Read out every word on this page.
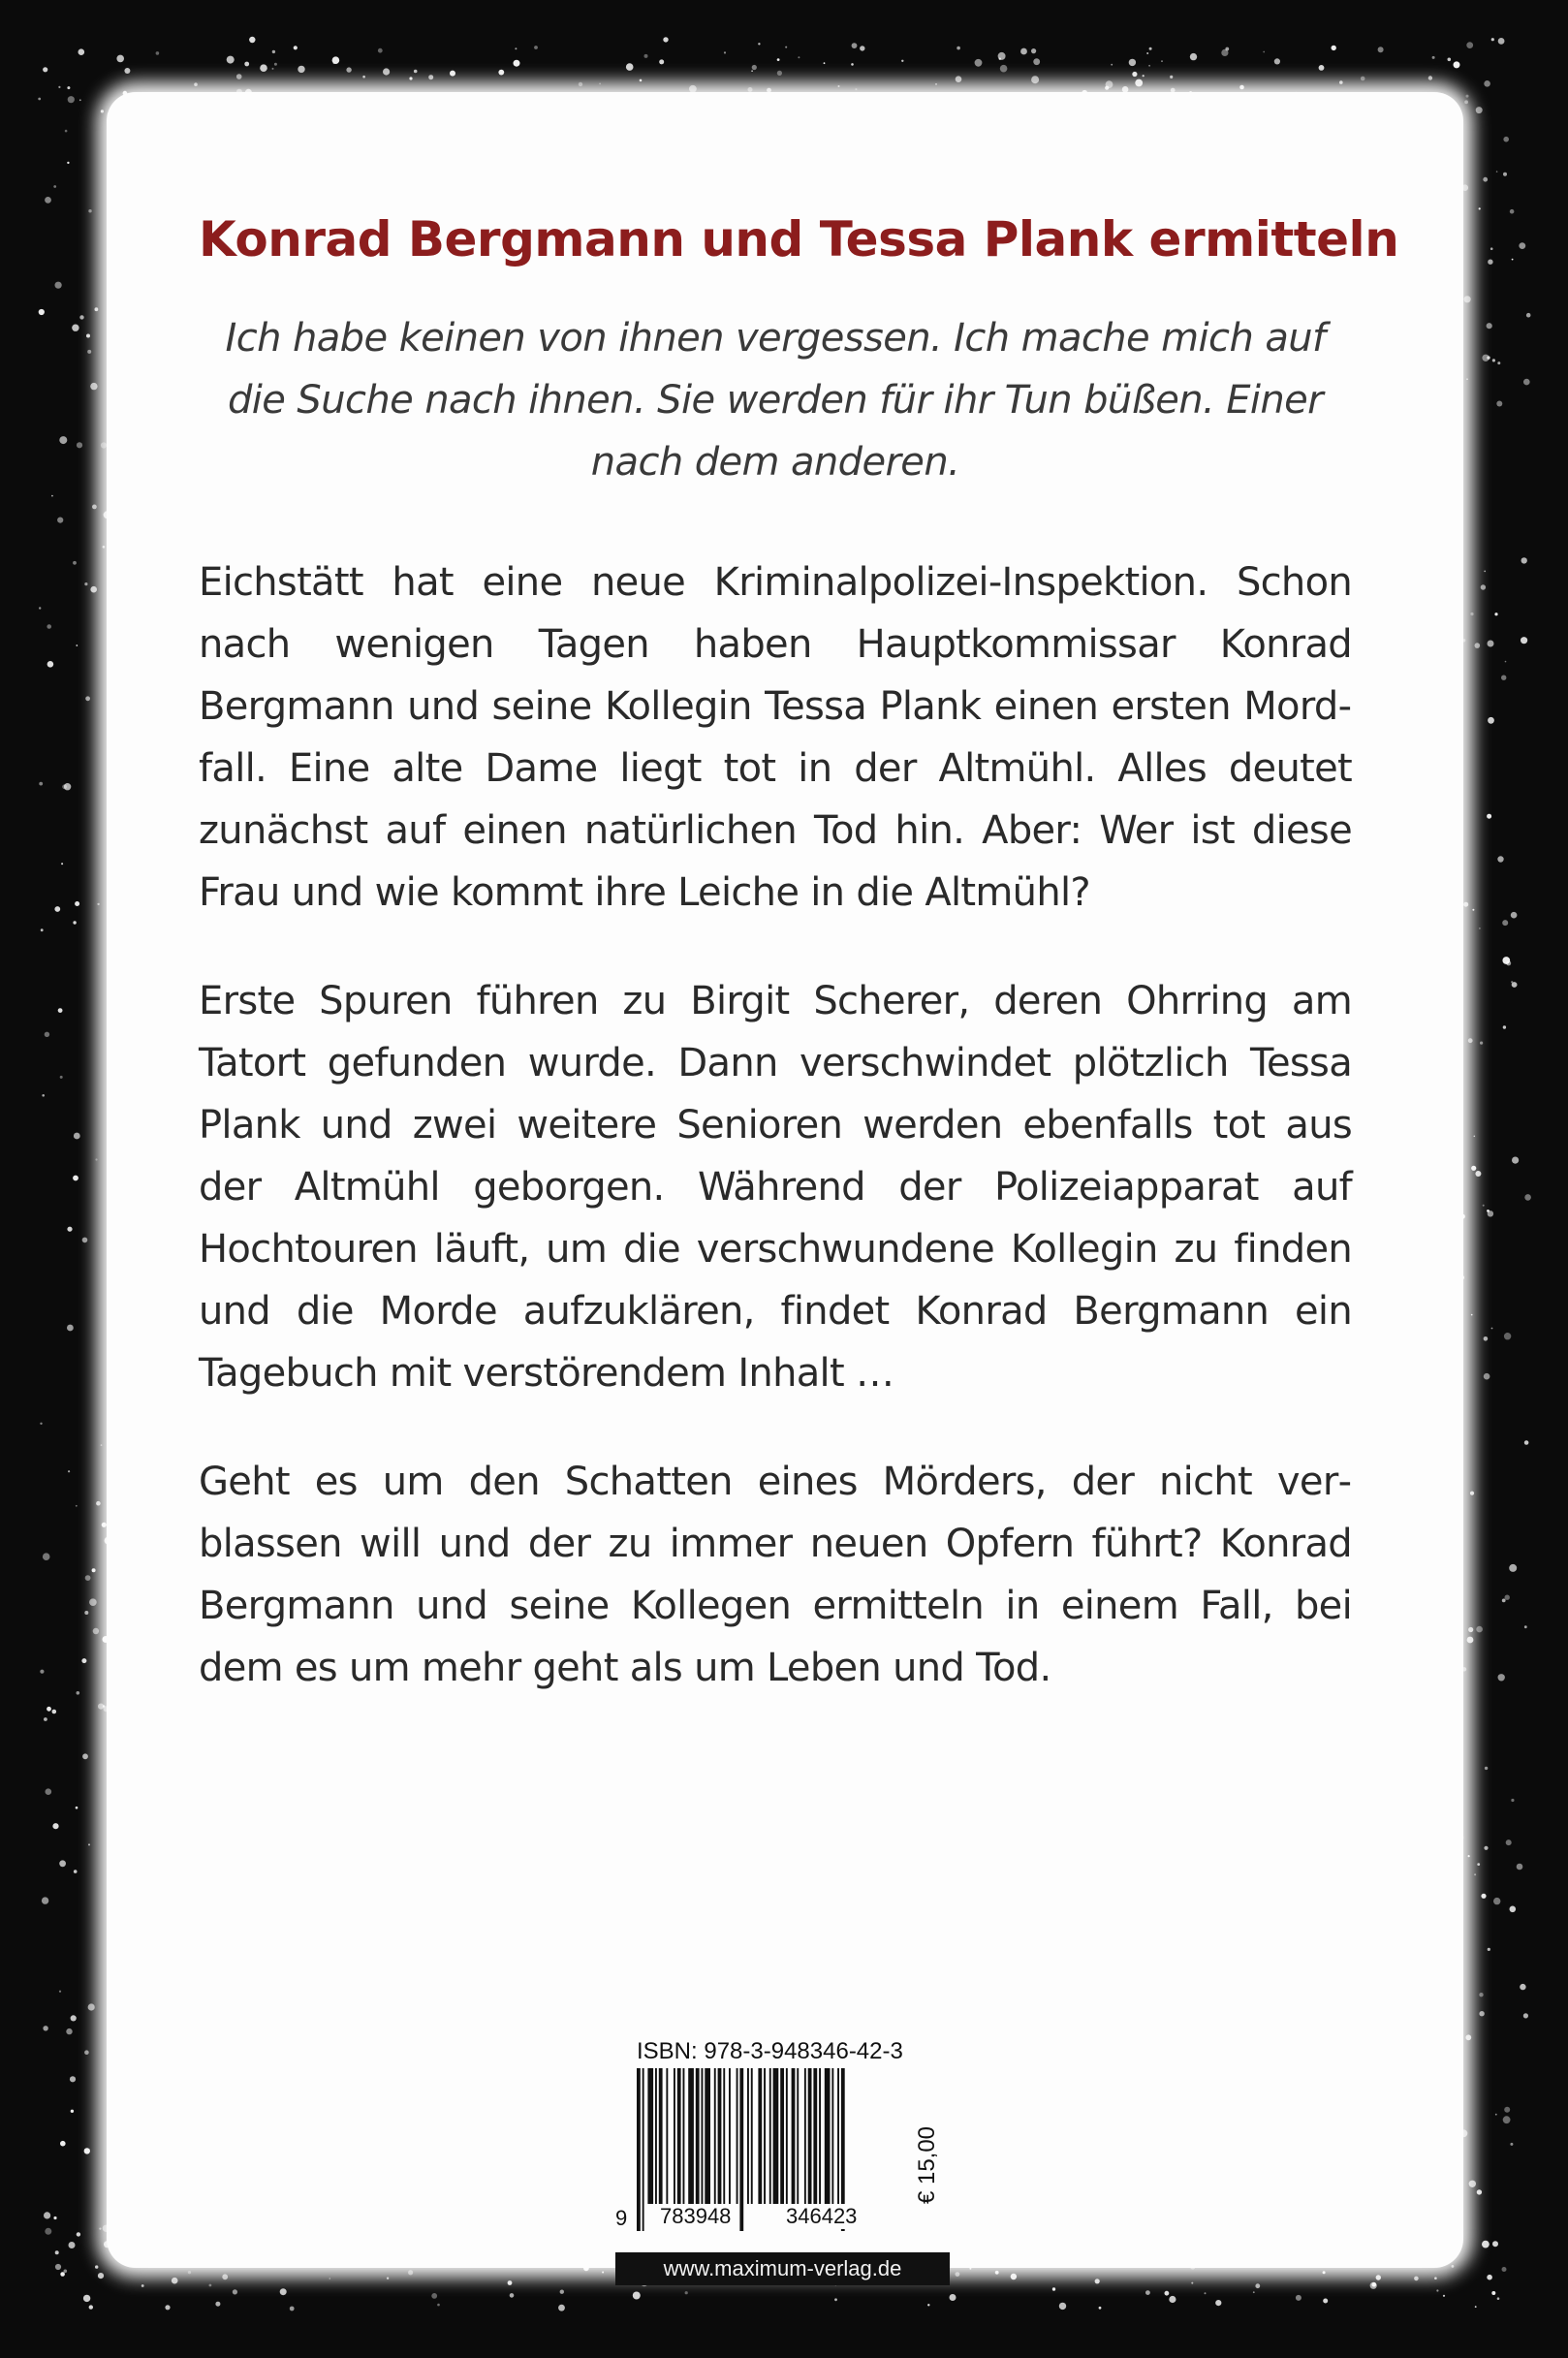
Konrad Bergmann und Tessa Plank ermitteln

Ich habe keinen von ihnen vergessen. Ich mache mich auf die Suche nach ihnen. Sie werden für ihr Tun büßen. Einer nach dem anderen.

Eichstätt hat eine neue Kriminalpolizei-Inspektion. Schon nach wenigen Tagen haben Hauptkommissar Konrad Bergmann und seine Kollegin Tessa Plank einen ersten Mordfall. Eine alte Dame liegt tot in der Altmühl. Alles deutet zunächst auf einen natürlichen Tod hin. Aber: Wer ist diese Frau und wie kommt ihre Leiche in die Altmühl?

Erste Spuren führen zu Birgit Scherer, deren Ohrring am Tatort gefunden wurde. Dann verschwindet plötzlich Tessa Plank und zwei weitere Senioren werden ebenfalls tot aus der Altmühl geborgen. Während der Polizeiapparat auf Hochtouren läuft, um die verschwundene Kollegin zu finden und die Morde aufzuklären, findet Konrad Bergmann ein Tagebuch mit verstörendem Inhalt …

Geht es um den Schatten eines Mörders, der nicht verblassen will und der zu immer neuen Opfern führt? Konrad Bergmann und seine Kollegen ermitteln in einem Fall, bei dem es um mehr geht als um Leben und Tod.

ISBN: 978-3-948346-42-3
9 783948	346423
€ 15,00
www.maximum-verlag.de
